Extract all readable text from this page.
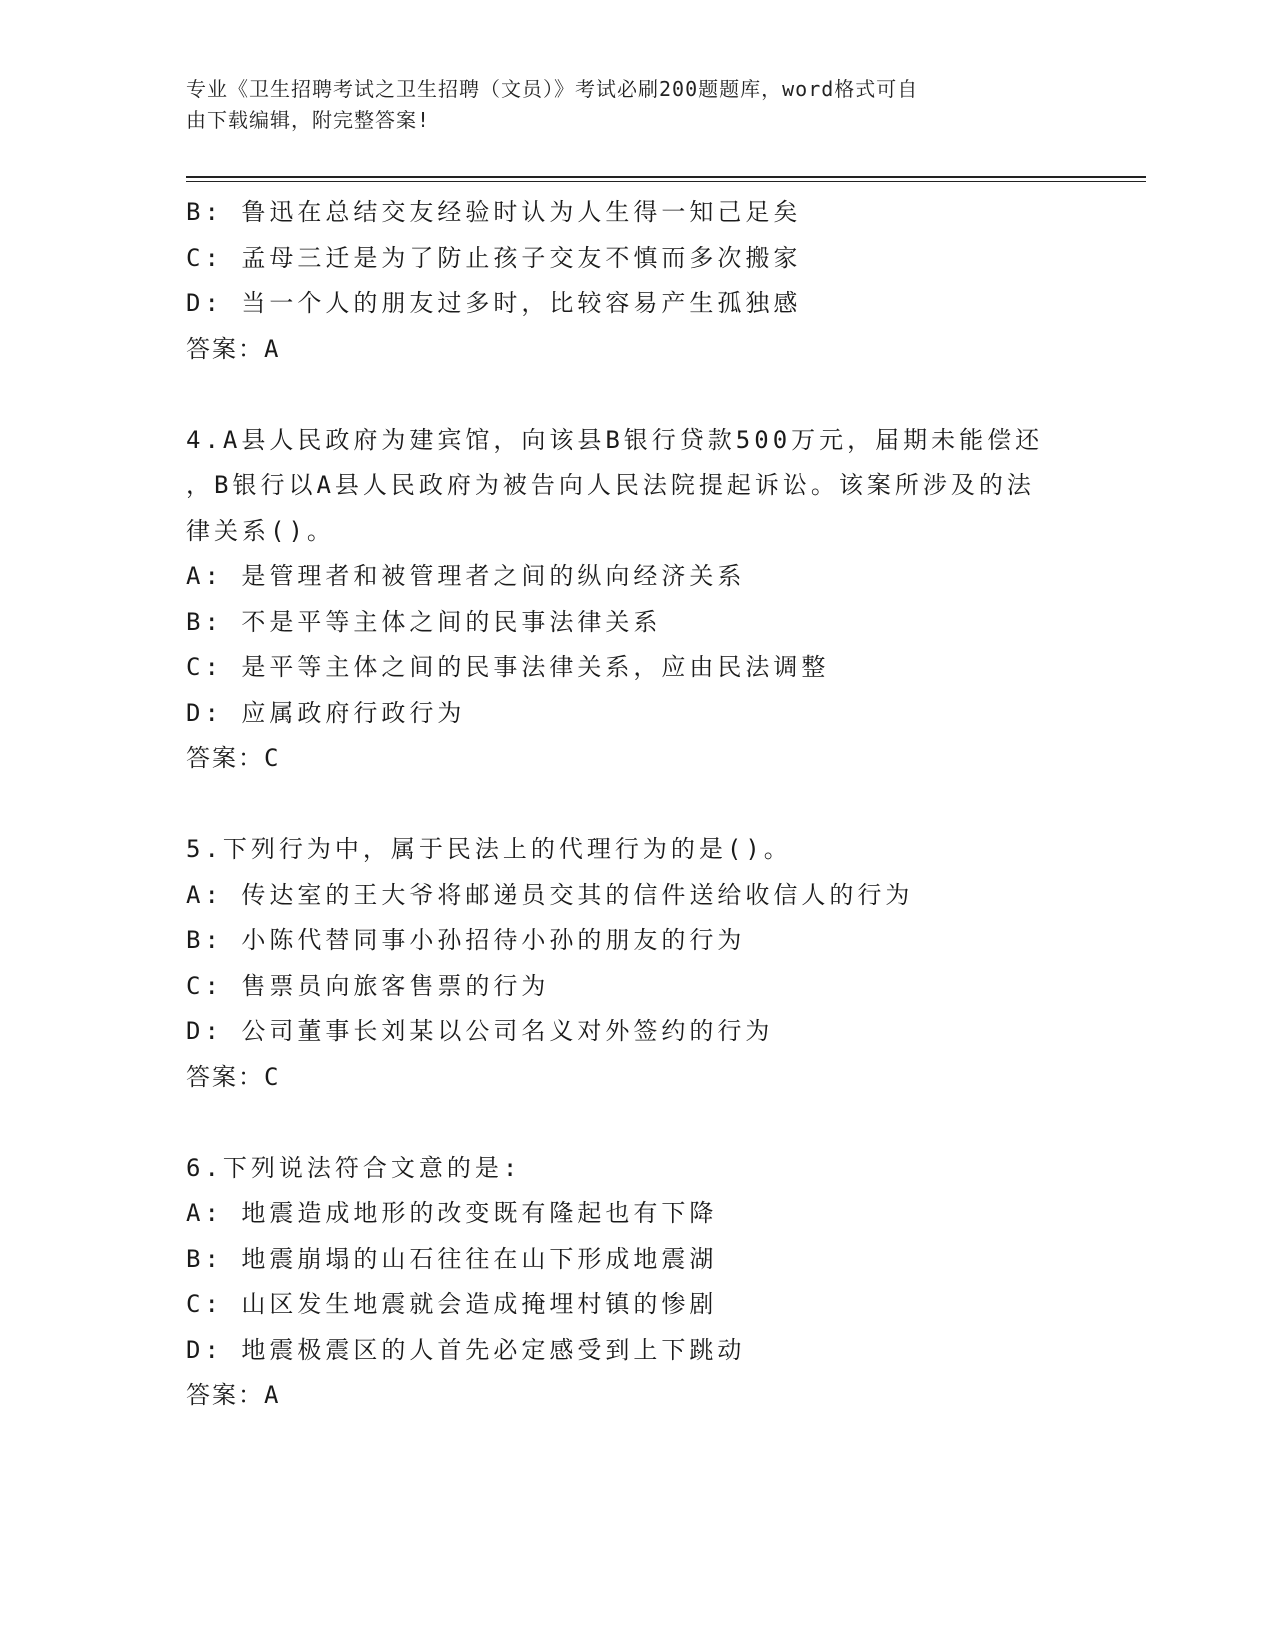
专业《卫生招聘考试之卫生招聘（文员）》考试必刷200题题库，word格式可自
由下载编辑，附完整答案!
B: 鲁迅在总结交友经验时认为人生得一知己足矣
C: 孟母三迁是为了防止孩子交友不慎而多次搬家
D: 当一个人的朋友过多时，比较容易产生孤独感
答案：A
4.A县人民政府为建宾馆，向该县B银行贷款500万元，届期未能偿还
，B银行以A县人民政府为被告向人民法院提起诉讼。该案所涉及的法
律关系()。
A: 是管理者和被管理者之间的纵向经济关系
B: 不是平等主体之间的民事法律关系
C: 是平等主体之间的民事法律关系，应由民法调整
D: 应属政府行政行为
答案：C
5.下列行为中，属于民法上的代理行为的是()。
A: 传达室的王大爷将邮递员交其的信件送给收信人的行为
B: 小陈代替同事小孙招待小孙的朋友的行为
C: 售票员向旅客售票的行为
D: 公司董事长刘某以公司名义对外签约的行为
答案：C
6.下列说法符合文意的是:
A: 地震造成地形的改变既有隆起也有下降
B: 地震崩塌的山石往往在山下形成地震湖
C: 山区发生地震就会造成掩埋村镇的惨剧
D: 地震极震区的人首先必定感受到上下跳动
答案：A
